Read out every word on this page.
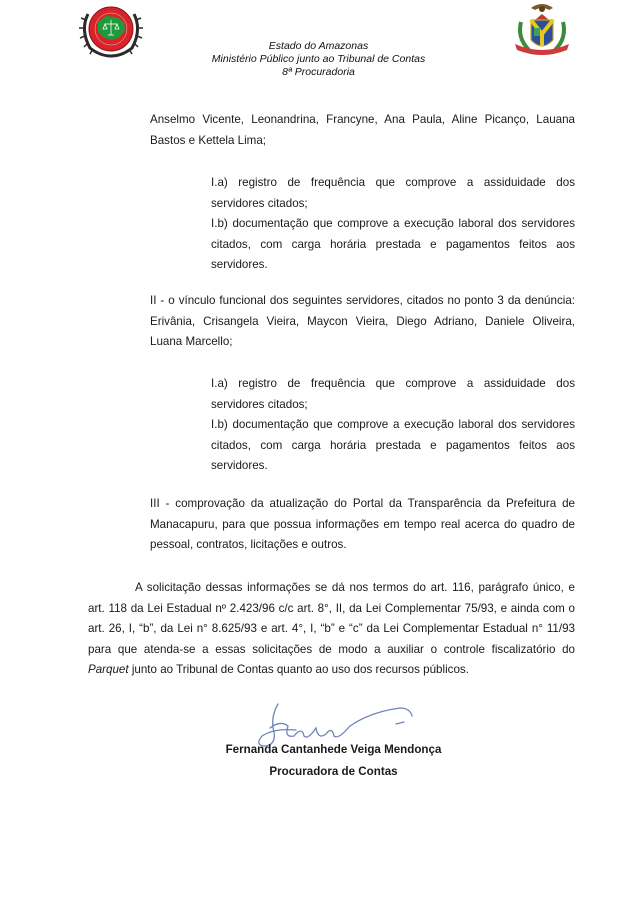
Estado do Amazonas
Ministério Público junto ao Tribunal de Contas
8ª Procuradoria
Anselmo Vicente, Leonandrina, Francyne, Ana Paula, Aline Picanço, Lauana
Bastos e Kettela Lima;
I.a) registro de frequência que comprove a assiduidade dos
servidores citados;
I.b) documentação que comprove a execução laboral dos servidores
citados, com carga horária prestada e pagamentos feitos aos
servidores.
II - o vínculo funcional dos seguintes servidores, citados no ponto 3 da denúncia:
Erivânia, Crisangela Vieira, Maycon Vieira, Diego Adriano, Daniele Oliveira,
Luana Marcello;
I.a) registro de frequência que comprove a assiduidade dos
servidores citados;
I.b) documentação que comprove a execução laboral dos servidores
citados, com carga horária prestada e pagamentos feitos aos
servidores.
III - comprovação da atualização do Portal da Transparência da Prefeitura de
Manacapuru, para que possua informações em tempo real acerca do quadro de
pessoal, contratos, licitações e outros.
A solicitação dessas informações se dá nos termos do art. 116, parágrafo único, e
art. 118 da Lei Estadual nº 2.423/96 c/c art. 8°, II, da Lei Complementar 75/93, e ainda com o
art. 26, I, “b”, da Lei n° 8.625/93 e art. 4°, I, “b” e “c” da Lei Complementar Estadual n° 11/93
para que atenda-se a essas solicitações de modo a auxiliar o controle fiscalizatório do
Parquet junto ao Tribunal de Contas quanto ao uso dos recursos públicos.
Fernanda Cantanhede Veiga Mendonça
Procuradora de Contas
